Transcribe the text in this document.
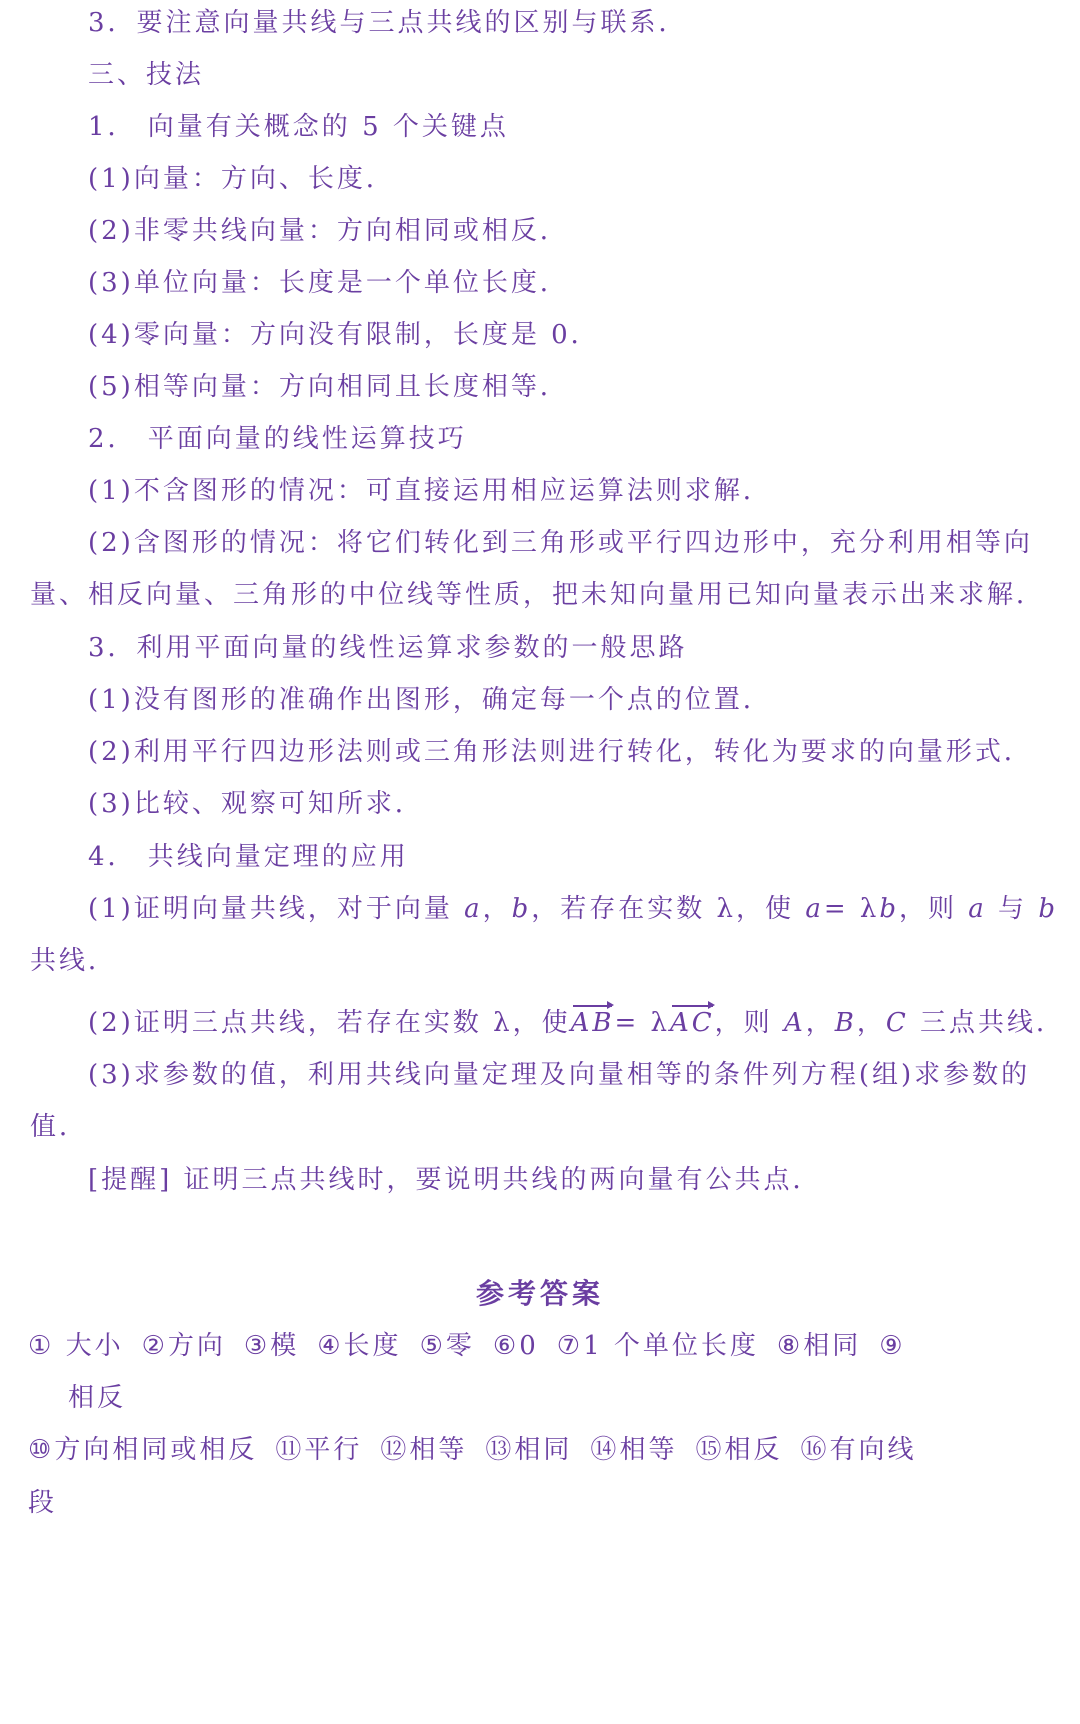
3．要注意向量共线与三点共线的区别与联系．
三、技法
1． 向量有关概念的 5 个关键点
(1)向量：方向、长度．
(2)非零共线向量：方向相同或相反．
(3)单位向量：长度是一个单位长度．
(4)零向量：方向没有限制，长度是 0．
(5)相等向量：方向相同且长度相等．
2． 平面向量的线性运算技巧
(1)不含图形的情况：可直接运用相应运算法则求解．
(2)含图形的情况：将它们转化到三角形或平行四边形中，充分利用相等向
量、相反向量、三角形的中位线等性质，把未知向量用已知向量表示出来求解．
3．利用平面向量的线性运算求参数的一般思路
(1)没有图形的准确作出图形，确定每一个点的位置．
(2)利用平行四边形法则或三角形法则进行转化，转化为要求的向量形式．
(3)比较、观察可知所求．
4． 共线向量定理的应用
(1)证明向量共线，对于向量 a，b，若存在实数 λ，使 a= λb，则 a 与 b
共线．
(2)证明三点共线，若存在实数 λ，使AB= λAC，则 A，B，C 三点共线．
(3)求参数的值，利用共线向量定理及向量相等的条件列方程(组)求参数的
值．
[提醒] 证明三点共线时，要说明共线的两向量有公共点．
参考答案
① 大小 ②方向 ③模 ④长度 ⑤零 ⑥0 ⑦1 个单位长度 ⑧相同 ⑨
相反
⑩方向相同或相反 ⑪平行 ⑫相等 ⑬相同 ⑭相等 ⑮相反 ⑯有向线
段
